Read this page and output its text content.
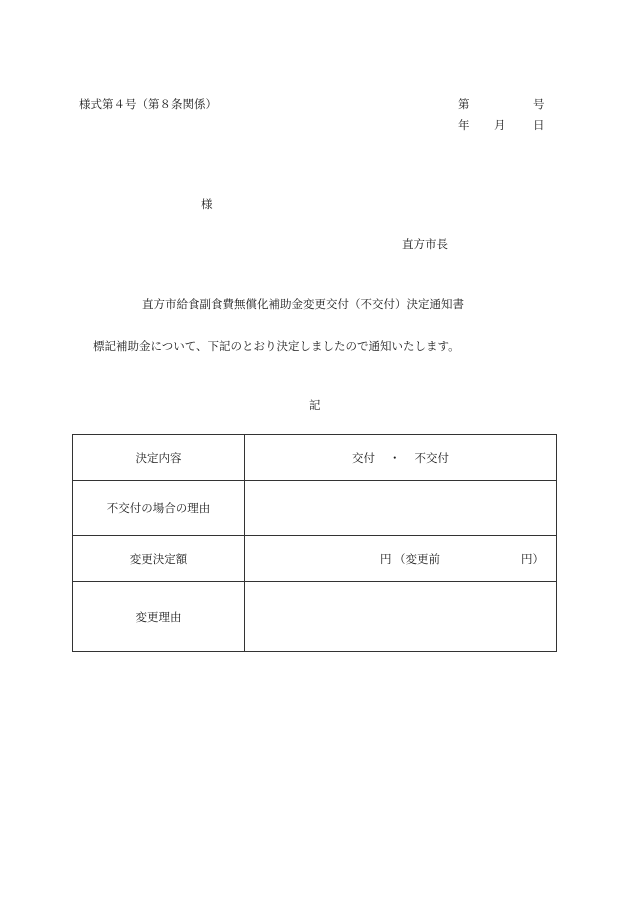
様式第４号（第８条関係）	第	号
年 月 日
様
直方市長
直方市給食副食費無償化補助金変更交付（不交付）決定通知書
標記補助金について、下記のとおり決定しましたので通知いたします。
記
決定内容	交付 ・ 不交付
不交付の場合の理由	
変更決定額	円 （変更前 円）

変更理由	
